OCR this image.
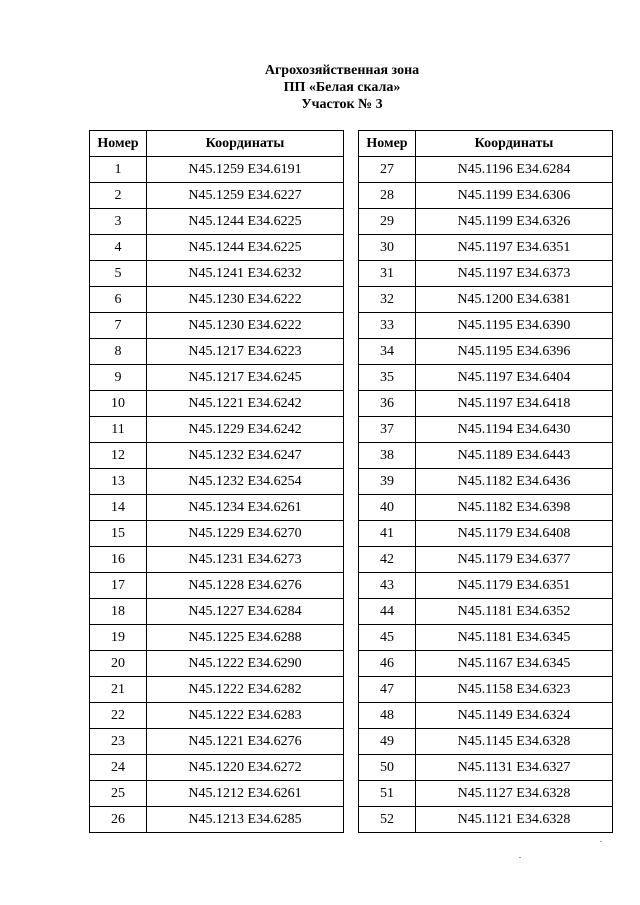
Агрохозяйственная зона
ПП «Белая скала»
Участок № 3
Номер	Координаты
1	N45.1259 E34.6191
2	N45.1259 E34.6227
3	N45.1244 E34.6225
4	N45.1244 E34.6225
5	N45.1241 E34.6232
6	N45.1230 E34.6222
7	N45.1230 E34.6222
8	N45.1217 E34.6223
9	N45.1217 E34.6245
10	N45.1221 E34.6242
11	N45.1229 E34.6242
12	N45.1232 E34.6247
13	N45.1232 E34.6254
14	N45.1234 E34.6261
15	N45.1229 E34.6270
16	N45.1231 E34.6273
17	N45.1228 E34.6276
18	N45.1227 E34.6284
19	N45.1225 E34.6288
20	N45.1222 E34.6290
21	N45.1222 E34.6282
22	N45.1222 E34.6283
23	N45.1221 E34.6276
24	N45.1220 E34.6272
25	N45.1212 E34.6261
26	N45.1213 E34.6285
Номер	Координаты
27	N45.1196 E34.6284
28	N45.1199 E34.6306
29	N45.1199 E34.6326
30	N45.1197 E34.6351
31	N45.1197 E34.6373
32	N45.1200 E34.6381
33	N45.1195 E34.6390
34	N45.1195 E34.6396
35	N45.1197 E34.6404
36	N45.1197 E34.6418
37	N45.1194 E34.6430
38	N45.1189 E34.6443
39	N45.1182 E34.6436
40	N45.1182 E34.6398
41	N45.1179 E34.6408
42	N45.1179 E34.6377
43	N45.1179 E34.6351
44	N45.1181 E34.6352
45	N45.1181 E34.6345
46	N45.1167 E34.6345
47	N45.1158 E34.6323
48	N45.1149 E34.6324
49	N45.1145 E34.6328
50	N45.1131 E34.6327
51	N45.1127 E34.6328
52	N45.1121 E34.6328
